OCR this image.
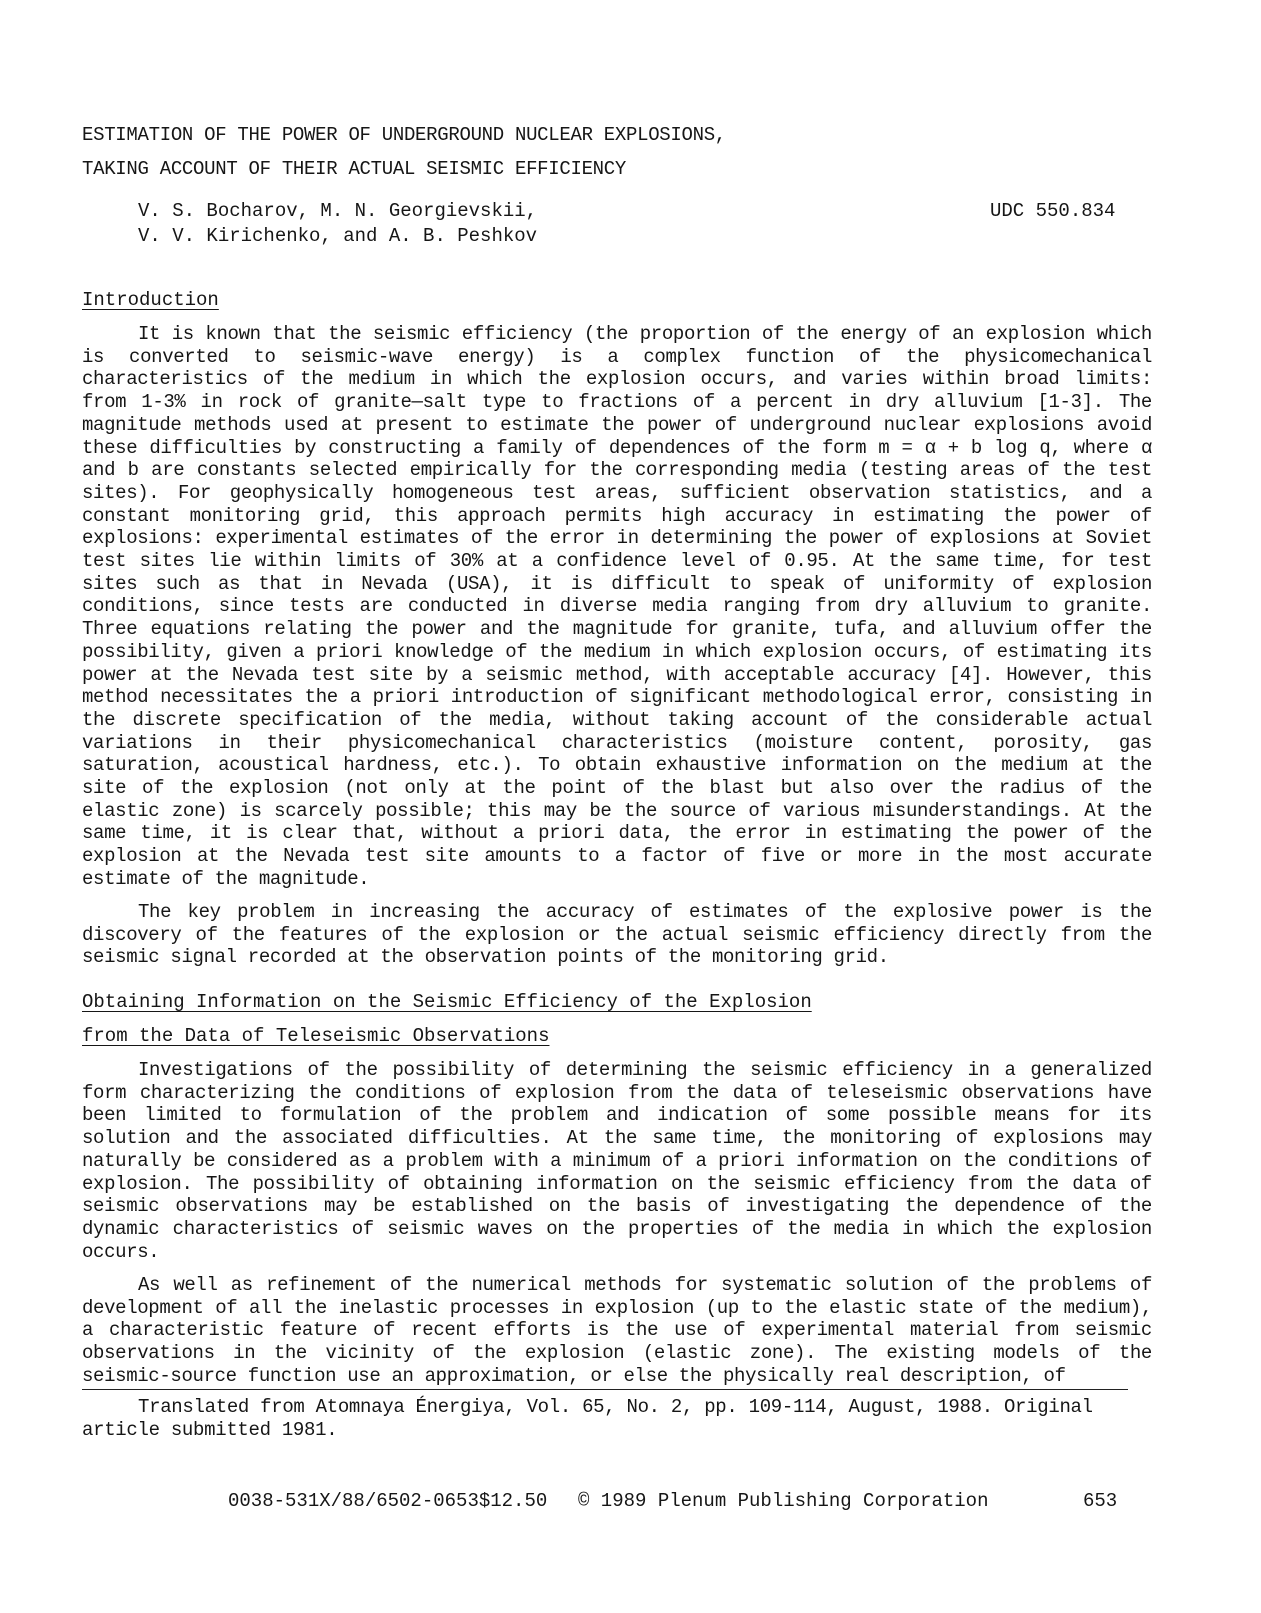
ESTIMATION OF THE POWER OF UNDERGROUND NUCLEAR EXPLOSIONS,
TAKING ACCOUNT OF THEIR ACTUAL SEISMIC EFFICIENCY
V. S. Bocharov, M. N. Georgievskii,
V. V. Kirichenko, and A. B. Peshkov
UDC 550.834
Introduction

It is known that the seismic efficiency (the proportion of the energy of an explosion which is converted to seismic-wave energy) is a complex function of the physicomechanical characteristics of the medium in which the explosion occurs, and varies within broad limits: from 1-3% in rock of granite—salt type to fractions of a percent in dry alluvium [1-3]. The magnitude methods used at present to estimate the power of underground nuclear explosions avoid these difficulties by constructing a family of dependences of the form m = α + b log q, where α and b are constants selected empirically for the corresponding media (testing areas of the test sites). For geophysically homogeneous test areas, sufficient observation statistics, and a constant monitoring grid, this approach permits high accuracy in estimating the power of explosions: experimental estimates of the error in determining the power of explosions at Soviet test sites lie within limits of 30% at a confidence level of 0.95. At the same time, for test sites such as that in Nevada (USA), it is difficult to speak of uniformity of explosion conditions, since tests are conducted in diverse media ranging from dry alluvium to granite. Three equations relating the power and the magnitude for granite, tufa, and alluvium offer the possibility, given a priori knowledge of the medium in which explosion occurs, of estimating its power at the Nevada test site by a seismic method, with acceptable accuracy [4]. However, this method necessitates the a priori introduction of significant methodological error, consisting in the discrete specification of the media, without taking account of the considerable actual variations in their physicomechanical characteristics (moisture content, porosity, gas saturation, acoustical hardness, etc.). To obtain exhaustive information on the medium at the site of the explosion (not only at the point of the blast but also over the radius of the elastic zone) is scarcely possible; this may be the source of various misunderstandings. At the same time, it is clear that, without a priori data, the error in estimating the power of the explosion at the Nevada test site amounts to a factor of five or more in the most accurate estimate of the magnitude.

The key problem in increasing the accuracy of estimates of the explosive power is the discovery of the features of the explosion or the actual seismic efficiency directly from the seismic signal recorded at the observation points of the monitoring grid.

Obtaining Information on the Seismic Efficiency of the Explosion
from the Data of Teleseismic Observations

Investigations of the possibility of determining the seismic efficiency in a generalized form characterizing the conditions of explosion from the data of teleseismic observations have been limited to formulation of the problem and indication of some possible means for its solution and the associated difficulties. At the same time, the monitoring of explosions may naturally be considered as a problem with a minimum of a priori information on the conditions of explosion. The possibility of obtaining information on the seismic efficiency from the data of seismic observations may be established on the basis of investigating the dependence of the dynamic characteristics of seismic waves on the properties of the media in which the explosion occurs.

As well as refinement of the numerical methods for systematic solution of the problems of development of all the inelastic processes in explosion (up to the elastic state of the medium), a characteristic feature of recent efforts is the use of experimental material from seismic observations in the vicinity of the explosion (elastic zone). The existing models of the seismic-source function use an approximation, or else the physically real description, of

Translated from Atomnaya Énergiya, Vol. 65, No. 2, pp. 109-114, August, 1988. Original article submitted 1981.
0038-531X/88/6502-0653$12.50 © 1989 Plenum Publishing Corporation	653
